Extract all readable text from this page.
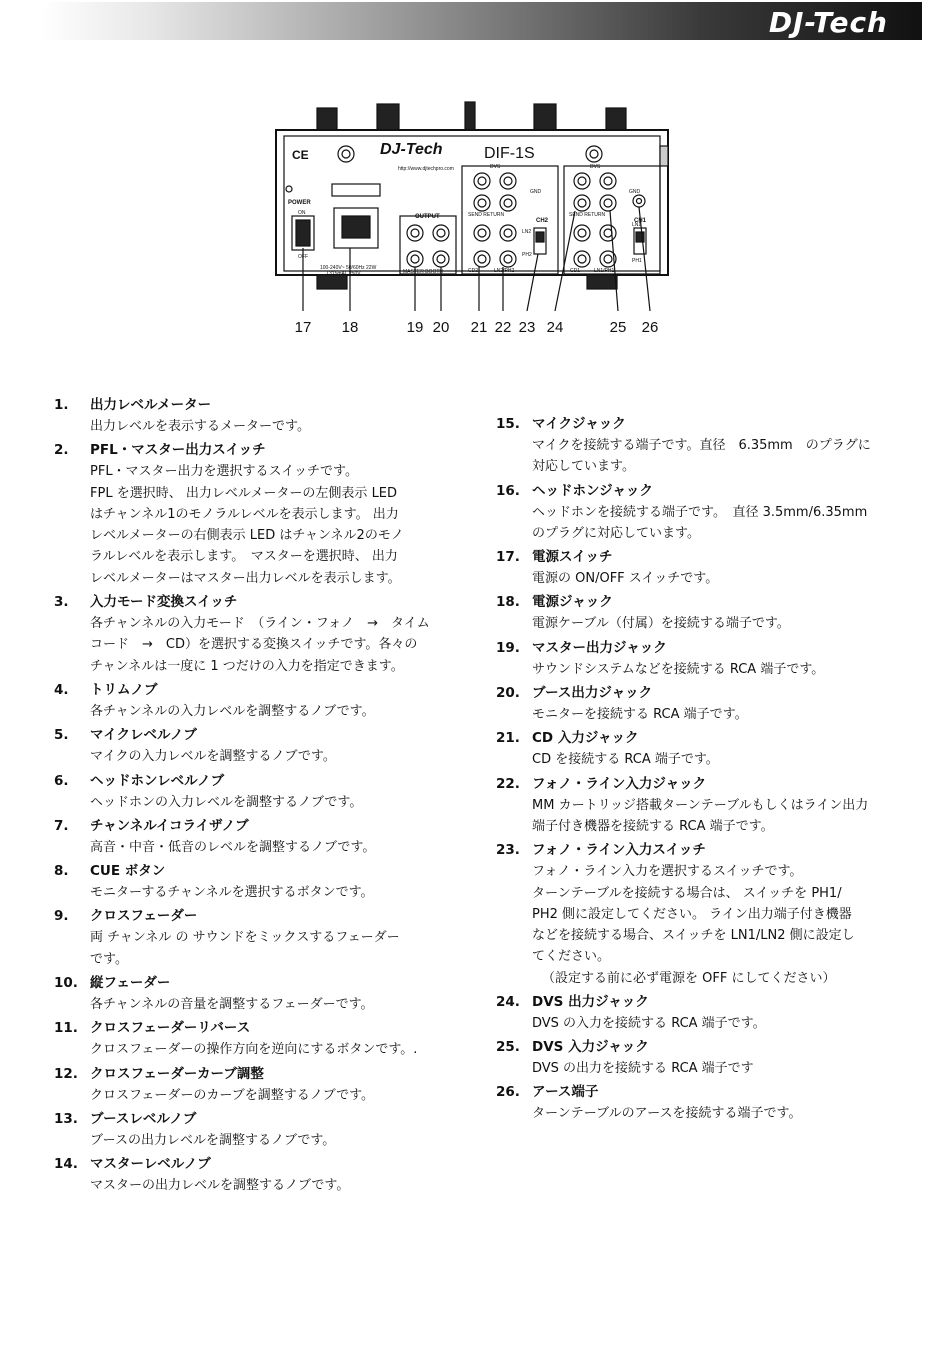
DJ-Tech
CE	DJ-Tech	DIF-1S
http://www.djtechpro.com
POWER
ON
OFF
100-240V~ 50/60Hz 22W
T315mAL 250V
OUTPUT
MASTER BOOTH
DVS	DVS
GND	GND
SEND RETURN	SEND RETURN
CH2	CH1
CD2	LN2/PH2	CD1	LN1/PH1
LN2
PH2
LN1
PH1
17 18	19 20 21 22 23 24	25 26
1.	出力レベルメーター
出力レベルを表示するメーターです。
2.	PFL・マスター出力スイッチ
PFL・マスター出力を選択するスイッチです。
FPL を選択時、 出力レベルメーターの左側表示 LED
はチャンネル1のモノラルレベルを表示します。 出力
レベルメーターの右側表示 LED はチャンネル2のモノ
ラルレベルを表示します。　マスターを選択時、 出力
レベルメーターはマスター出力レベルを表示します。
3.	入力モード変換スイッチ
各チャンネルの入力モード　（ライン・フォノ　→　タイム
コード　→　CD）を選択する変換スイッチです。各々の
チャンネルは一度に 1 つだけの入力を指定できます。
4.	トリムノブ
各チャンネルの入力レベルを調整するノブです。
5.	マイクレベルノブ
マイクの入力レベルを調整するノブです。
6.	ヘッドホンレベルノブ
ヘッドホンの入力レベルを調整するノブです。
7.	チャンネルイコライザノブ
高音・中音・低音のレベルを調整するノブです。
8.	CUE ボタン
モニターするチャンネルを選択するボタンです。
9.	クロスフェーダー
両 チャンネル の サウンドをミックスするフェーダー
です。
10. 縦フェーダー
各チャンネルの音量を調整するフェーダーです。
11. クロスフェーダーリバース
クロスフェーダーの操作方向を逆向にするボタンです。.
12. クロスフェーダーカーブ調整
クロスフェーダーのカーブを調整するノブです。
13. ブースレベルノブ
ブースの出力レベルを調整するノブです。
14. マスターレベルノブ
マスターの出力レベルを調整するノブです。
15. マイクジャック
マイクを接続する端子です。直径　6.35mm　のプラグに
対応しています。
16. ヘッドホンジャック
ヘッドホンを接続する端子です。　直径 3.5mm/6.35mm
のプラグに対応しています。
17. 電源スイッチ
電源の ON/OFF スイッチです。
18. 電源ジャック
電源ケーブル（付属）を接続する端子です。
19. マスター出力ジャック
サウンドシステムなどを接続する RCA 端子です。
20. ブース出力ジャック
モニターを接続する RCA 端子です。
21. CD 入力ジャック
CD を接続する RCA 端子です。
22. フォノ・ライン入力ジャック
MM カートリッジ搭載ターンテーブルもしくはライン出力
端子付き機器を接続する RCA 端子です。
23. フォノ・ライン入力スイッチ
フォノ・ライン入力を選択するスイッチです。
ターンテーブルを接続する場合は、 スイッチを PH1/
PH2 側に設定してください。 ライン出力端子付き機器
などを接続する場合、スイッチを LN1/LN2 側に設定し
てください。
（設定する前に必ず電源を OFF にしてください）
24. DVS 出力ジャック
DVS の入力を接続する RCA 端子です。
25. DVS 入力ジャック
DVS の出力を接続する RCA 端子です
26. アース端子
ターンテーブルのアースを接続する端子です。
